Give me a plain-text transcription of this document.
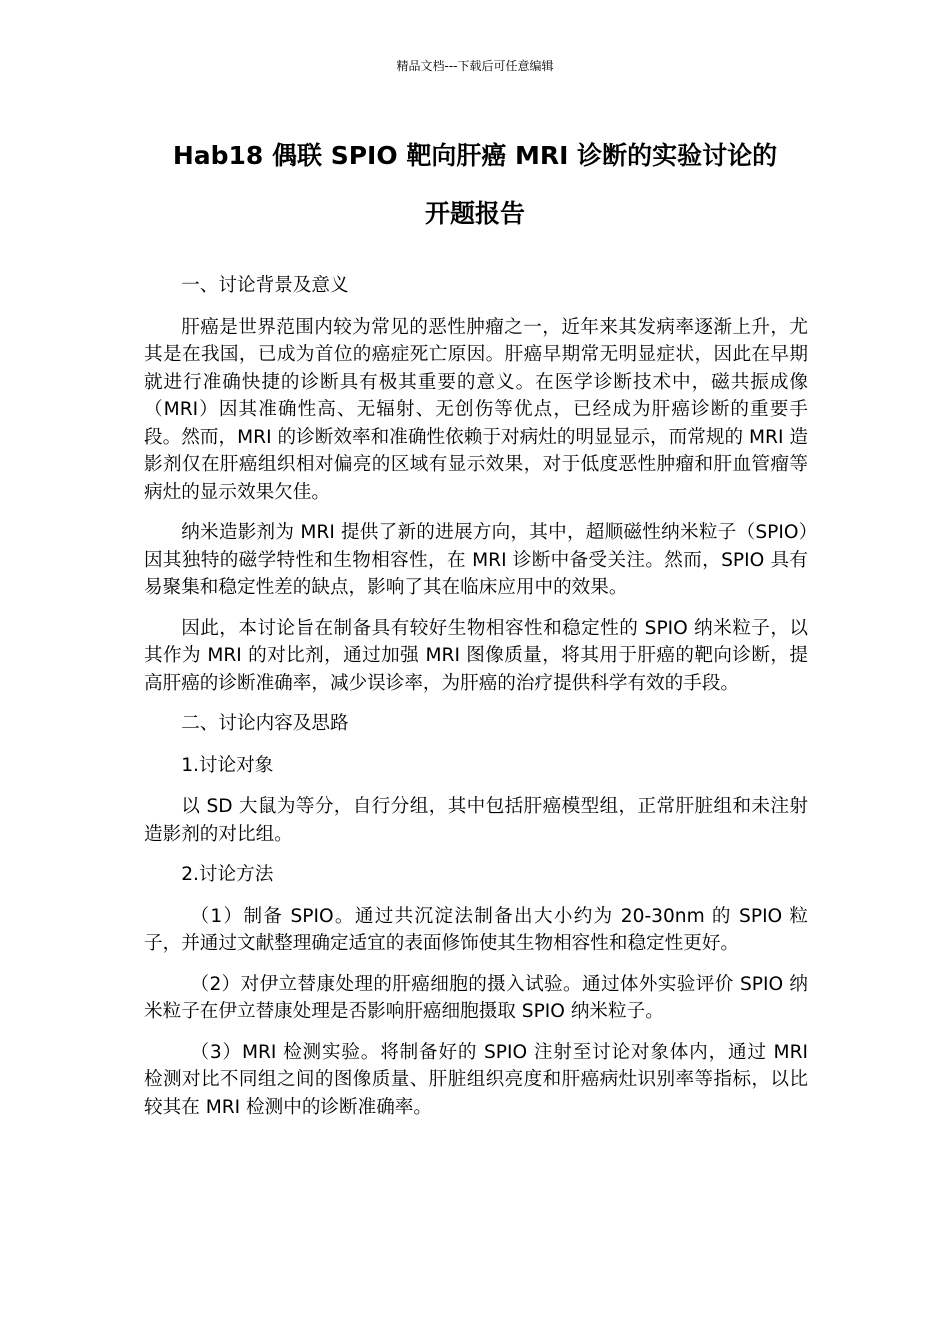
精品文档---下载后可任意编辑
Hab18 偶联 SPIO 靶向肝癌 MRI 诊断的实验讨论的
开题报告

一、讨论背景及意义

肝癌是世界范围内较为常见的恶性肿瘤之一，近年来其发病率逐渐上升，尤其是在我国，已成为首位的癌症死亡原因。肝癌早期常无明显症状，因此在早期就进行准确快捷的诊断具有极其重要的意义。在医学诊断技术中，磁共振成像（MRI）因其准确性高、无辐射、无创伤等优点，已经成为肝癌诊断的重要手段。然而，MRI 的诊断效率和准确性依赖于对病灶的明显显示，而常规的 MRI 造影剂仅在肝癌组织相对偏亮的区域有显示效果，对于低度恶性肿瘤和肝血管瘤等病灶的显示效果欠佳。

纳米造影剂为 MRI 提供了新的进展方向，其中，超顺磁性纳米粒子（SPIO）因其独特的磁学特性和生物相容性，在 MRI 诊断中备受关注。然而，SPIO 具有易聚集和稳定性差的缺点，影响了其在临床应用中的效果。

因此，本讨论旨在制备具有较好生物相容性和稳定性的 SPIO 纳米粒子，以其作为 MRI 的对比剂，通过加强 MRI 图像质量，将其用于肝癌的靶向诊断，提高肝癌的诊断准确率，减少误诊率，为肝癌的治疗提供科学有效的手段。

二、讨论内容及思路

1.讨论对象

以 SD 大鼠为等分，自行分组，其中包括肝癌模型组，正常肝脏组和未注射造影剂的对比组。

2.讨论方法

（1）制备 SPIO。通过共沉淀法制备出大小约为 20-30nm 的 SPIO 粒子，并通过文献整理确定适宜的表面修饰使其生物相容性和稳定性更好。

（2）对伊立替康处理的肝癌细胞的摄入试验。通过体外实验评价 SPIO 纳米粒子在伊立替康处理是否影响肝癌细胞摄取 SPIO 纳米粒子。

（3）MRI 检测实验。将制备好的 SPIO 注射至讨论对象体内，通过 MRI 检测对比不同组之间的图像质量、肝脏组织亮度和肝癌病灶识别率等指标，以比较其在 MRI 检测中的诊断准确率。
